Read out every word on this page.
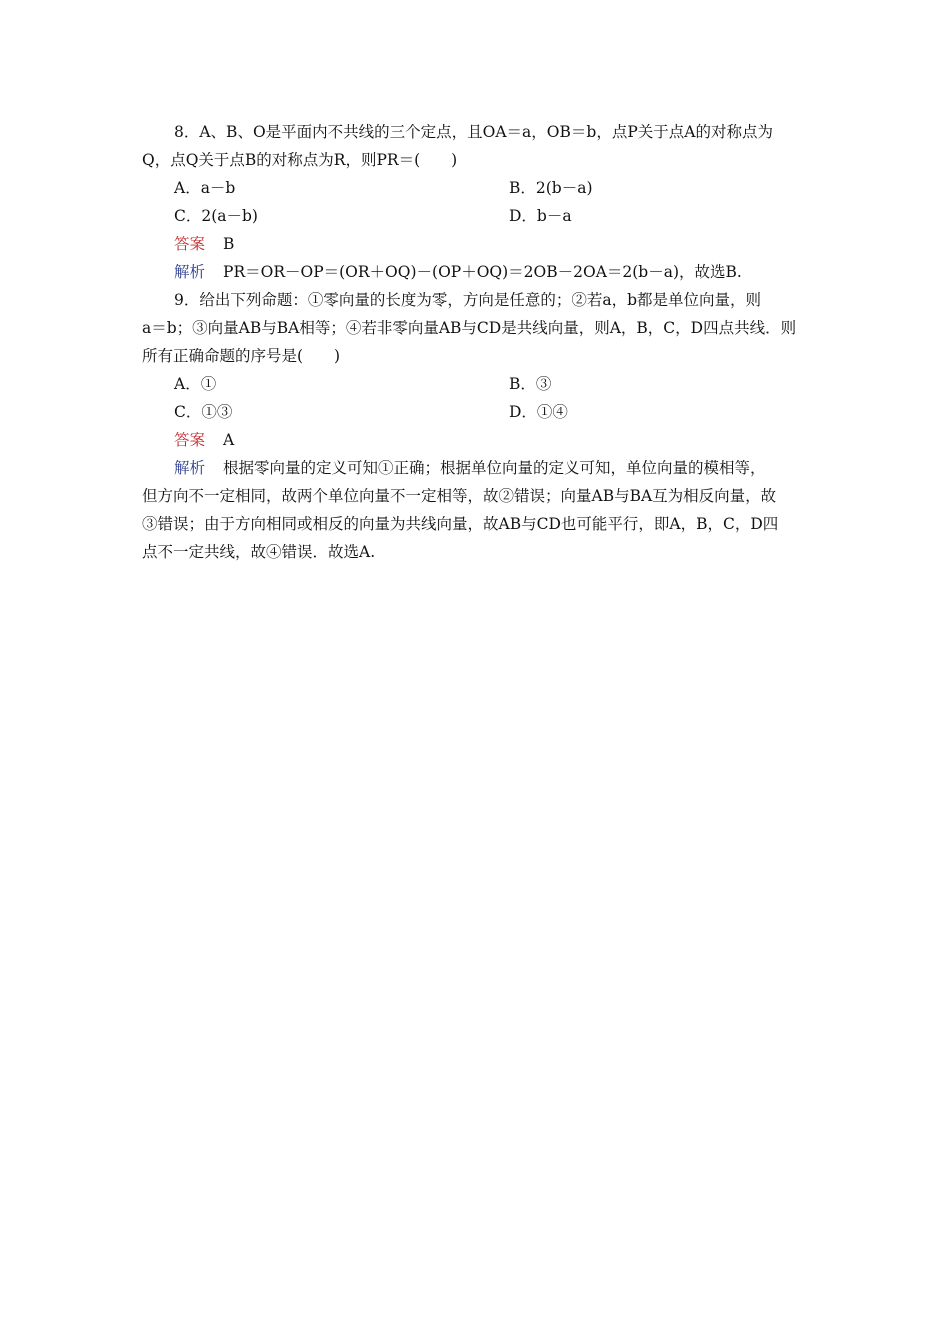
8．A、B、O是平面内不共线的三个定点，且OA＝a，OB＝b，点P关于点A的对称点为
Q，点Q关于点B的对称点为R，则PR＝(　　)
A．a－b	B．2(b－a)
C．2(a－b)	D．b－a
答案 B
解析 PR＝OR－OP＝(OR＋OQ)－(OP＋OQ)＝2OB－2OA＝2(b－a)，故选B.
9．给出下列命题：①零向量的长度为零，方向是任意的；②若a，b都是单位向量，则
a＝b；③向量AB与BA相等；④若非零向量AB与CD是共线向量，则A，B，C，D四点共线．则
所有正确命题的序号是(　　)
A．①	B．③
C．①③	D．①④
答案 A
解析 根据零向量的定义可知①正确；根据单位向量的定义可知，单位向量的模相等，
但方向不一定相同，故两个单位向量不一定相等，故②错误；向量AB与BA互为相反向量，故
③错误；由于方向相同或相反的向量为共线向量，故AB与CD也可能平行，即A，B，C，D四
点不一定共线，故④错误．故选A.
